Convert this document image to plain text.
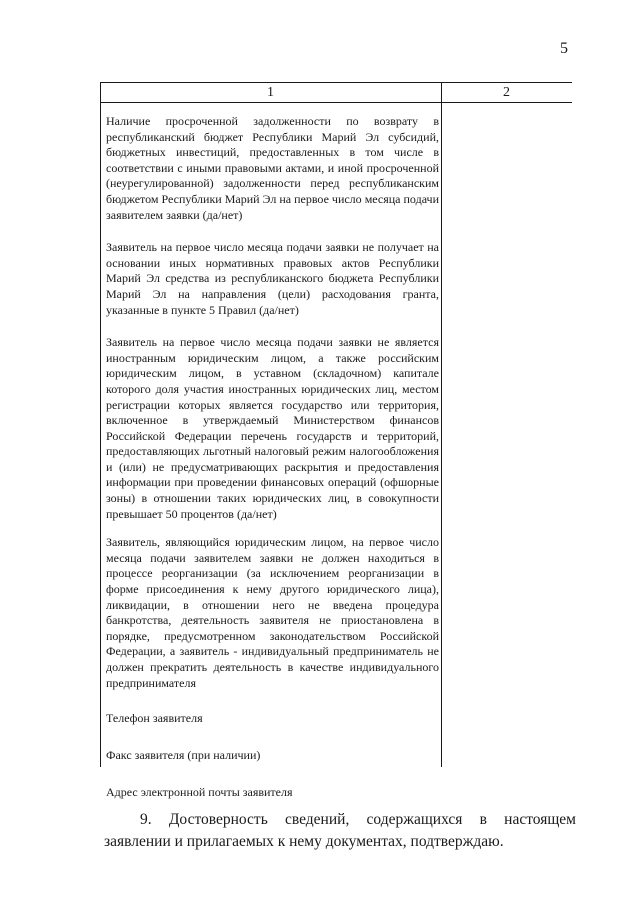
5
1	2

Наличие просроченной задолженности по возврату в республиканский бюджет Республики Марий Эл субсидий, бюджетных инвестиций, предоставленных в том числе в соответствии с иными правовыми актами, и иной просроченной (неурегулированной) задолженности перед республиканским бюджетом Республики Марий Эл на первое число месяца подачи заявителем заявки (да/нет)

Заявитель на первое число месяца подачи заявки не получает на основании иных нормативных правовых актов Республики Марий Эл средства из республиканского бюджета Республики Марий Эл на направления (цели) расходования гранта, указанные в пункте 5 Правил (да/нет)

Заявитель на первое число месяца подачи заявки не является иностранным юридическим лицом, а также российским юридическим лицом, в уставном (складочном) капитале которого доля участия иностранных юридических лиц, местом регистрации которых является государство или территория, включенное в утверждаемый Министерством финансов Российской Федерации перечень государств и территорий, предоставляющих льготный налоговый режим налогообложения и (или) не предусматривающих раскрытия и предоставления информации при проведении финансовых операций (офшорные зоны) в отношении таких юридических лиц, в совокупности превышает 50 процентов (да/нет)

Заявитель, являющийся юридическим лицом, на первое число месяца подачи заявителем заявки не должен находиться в процессе реорганизации (за исключением реорганизации в форме присоединения к нему другого юридического лица), ликвидации, в отношении него не введена процедура банкротства, деятельность заявителя не приостановлена в порядке, предусмотренном законодательством Российской Федерации, а заявитель - индивидуальный предприниматель не должен прекратить деятельность в качестве индивидуального предпринимателя

Телефон заявителя

Факс заявителя (при наличии)

Адрес электронной почты заявителя

9. Достоверность сведений, содержащихся в настоящем заявлении и прилагаемых к нему документах, подтверждаю.
